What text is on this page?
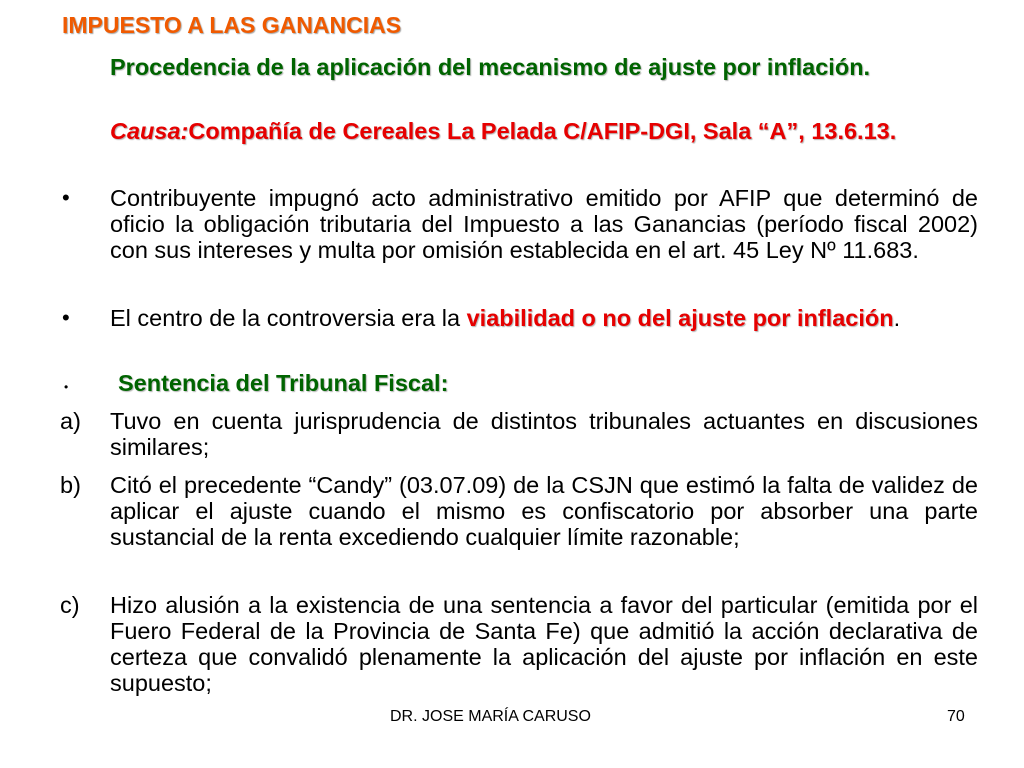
IMPUESTO A LAS GANANCIAS
Procedencia de la aplicación del mecanismo de ajuste por inflación.
Causa:Compañía de Cereales La Pelada C/AFIP-DGI, Sala “A”, 13.6.13.
•	Contribuyente impugnó acto administrativo emitido por AFIP que determinó de oficio la obligación tributaria del Impuesto a las Ganancias (período fiscal 2002) con sus intereses y multa por omisión establecida en el art. 45 Ley Nº 11.683.
•	El centro de la controversia era la viabilidad o no del ajuste por inflación.
•	Sentencia del Tribunal Fiscal:
a)	Tuvo en cuenta jurisprudencia de distintos tribunales actuantes en discusiones similares;
b)	Citó el precedente “Candy” (03.07.09) de la CSJN que estimó la falta de validez de aplicar el ajuste cuando el mismo es confiscatorio por absorber una parte sustancial de la renta excediendo cualquier límite razonable;
c)	Hizo alusión a la existencia de una sentencia a favor del particular (emitida por el Fuero Federal de la Provincia de Santa Fe) que admitió la acción declarativa de certeza que convalidó plenamente la aplicación del ajuste por inflación en este supuesto;
DR. JOSE MARÍA CARUSO	70
